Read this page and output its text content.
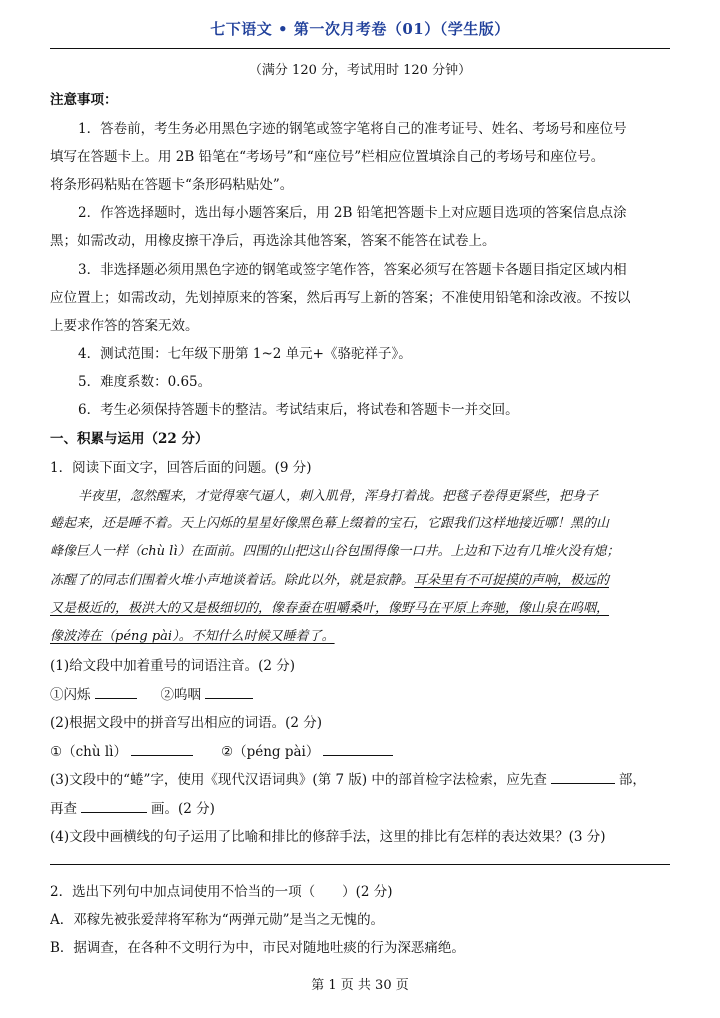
七下语文 • 第一次月考卷（01）（学生版）
（满分 120 分，考试用时 120 分钟）
注意事项：
1．答卷前，考生务必用黑色字迹的钢笔或签字笔将自己的准考证号、姓名、考场号和座位号
填写在答题卡上。用 2B 铅笔在“考场号”和“座位号”栏相应位置填涂自己的考场号和座位号。
将条形码粘贴在答题卡“条形码粘贴处”。
2．作答选择题时，选出每小题答案后，用 2B 铅笔把答题卡上对应题目选项的答案信息点涂
黑；如需改动，用橡皮擦干净后，再选涂其他答案，答案不能答在试卷上。
3．非选择题必须用黑色字迹的钢笔或签字笔作答，答案必须写在答题卡各题目指定区域内相
应位置上；如需改动，先划掉原来的答案，然后再写上新的答案；不准使用铅笔和涂改液。不按以
上要求作答的答案无效。
4．测试范围：七年级下册第 1~2 单元+《骆驼祥子》。
5．难度系数：0.65。
6．考生必须保持答题卡的整洁。考试结束后，将试卷和答题卡一并交回。
一、积累与运用（22 分）
1．阅读下面文字，回答后面的问题。(9 分)
半夜里，忽然醒来，才觉得寒气逼人，刺入肌骨，浑身打着战。把毯子卷得更紧些，把身子
蜷起来，还是睡不着。天上闪烁的星星好像黑色幕上缀着的宝石，它跟我们这样地接近哪！黑的山
峰像巨人一样（chù lì）在面前。四围的山把这山谷包围得像一口井。上边和下边有几堆火没有熄；
冻醒了的同志们围着火堆小声地谈着话。除此以外，就是寂静。耳朵里有不可捉摸的声响，极远的
又是极近的，极洪大的又是极细切的，像春蚕在咀嚼桑叶，像野马在平原上奔驰，像山泉在呜咽，
像波涛在（péng pài）。不知什么时候又睡着了。
(1)给文段中加着重号的词语注音。(2 分)
①闪烁	②呜咽
(2)根据文段中的拼音写出相应的词语。(2 分)
①（chù lì）	②（péng pài）
(3)文段中的“蜷”字，使用《现代汉语词典》(第 7 版) 中的部首检字法检索，应先查	部，
再查	画。(2 分)
(4)文段中画横线的句子运用了比喻和排比的修辞手法，这里的排比有怎样的表达效果？(3 分)
2．选出下列句中加点词使用不恰当的一项（　　）(2 分)
A．邓稼先被张爱萍将军称为“两弹元勋”是当之无愧的。
B．据调查，在各种不文明行为中，市民对随地吐痰的行为深恶痛绝。
第 1 页 共 30 页
